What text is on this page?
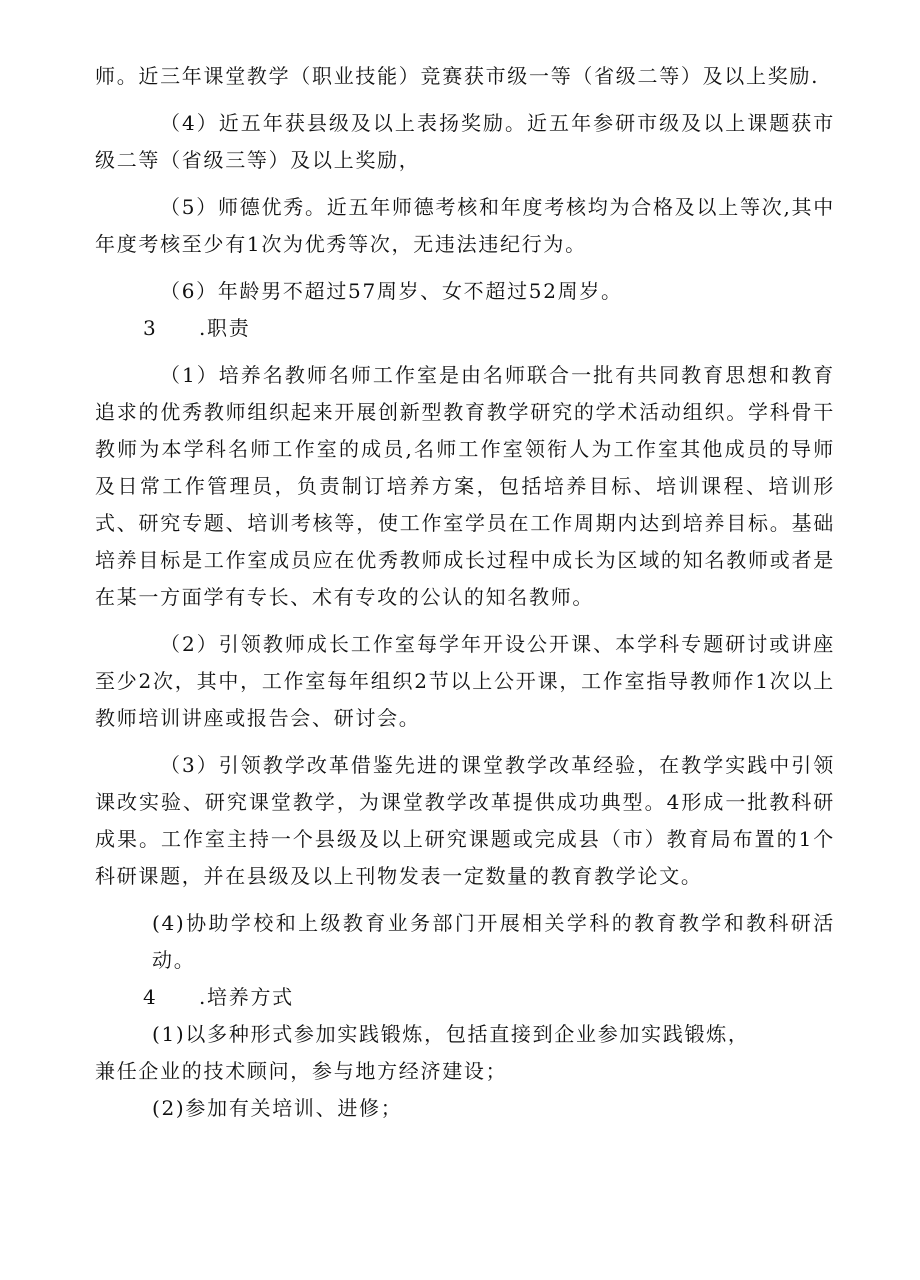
师。近三年课堂教学（职业技能）竞赛获市级一等（省级二等）及以上奖励.

（4）近五年获县级及以上表扬奖励。近五年参研市级及以上课题获市级二等（省级三等）及以上奖励，

（5）师德优秀。近五年师德考核和年度考核均为合格及以上等次,其中年度考核至少有1次为优秀等次，无违法违纪行为。

（6）年龄男不超过57周岁、女不超过52周岁。

3 .职责

（1）培养名教师名师工作室是由名师联合一批有共同教育思想和教育追求的优秀教师组织起来开展创新型教育教学研究的学术活动组织。学科骨干教师为本学科名师工作室的成员,名师工作室领衔人为工作室其他成员的导师及日常工作管理员，负责制订培养方案，包括培养目标、培训课程、培训形式、研究专题、培训考核等，使工作室学员在工作周期内达到培养目标。基础培养目标是工作室成员应在优秀教师成长过程中成长为区域的知名教师或者是在某一方面学有专长、术有专攻的公认的知名教师。

（2）引领教师成长工作室每学年开设公开课、本学科专题研讨或讲座至少2次，其中，工作室每年组织2节以上公开课，工作室指导教师作1次以上教师培训讲座或报告会、研讨会。

（3）引领教学改革借鉴先进的课堂教学改革经验，在教学实践中引领课改实验、研究课堂教学，为课堂教学改革提供成功典型。4形成一批教科研成果。工作室主持一个县级及以上研究课题或完成县（市）教育局布置的1个科研课题，并在县级及以上刊物发表一定数量的教育教学论文。

(4)协助学校和上级教育业务部门开展相关学科的教育教学和教科研活动。

4 .培养方式

(1)以多种形式参加实践锻炼，包括直接到企业参加实践锻炼，

兼任企业的技术顾问，参与地方经济建设；

(2)参加有关培训、进修；
